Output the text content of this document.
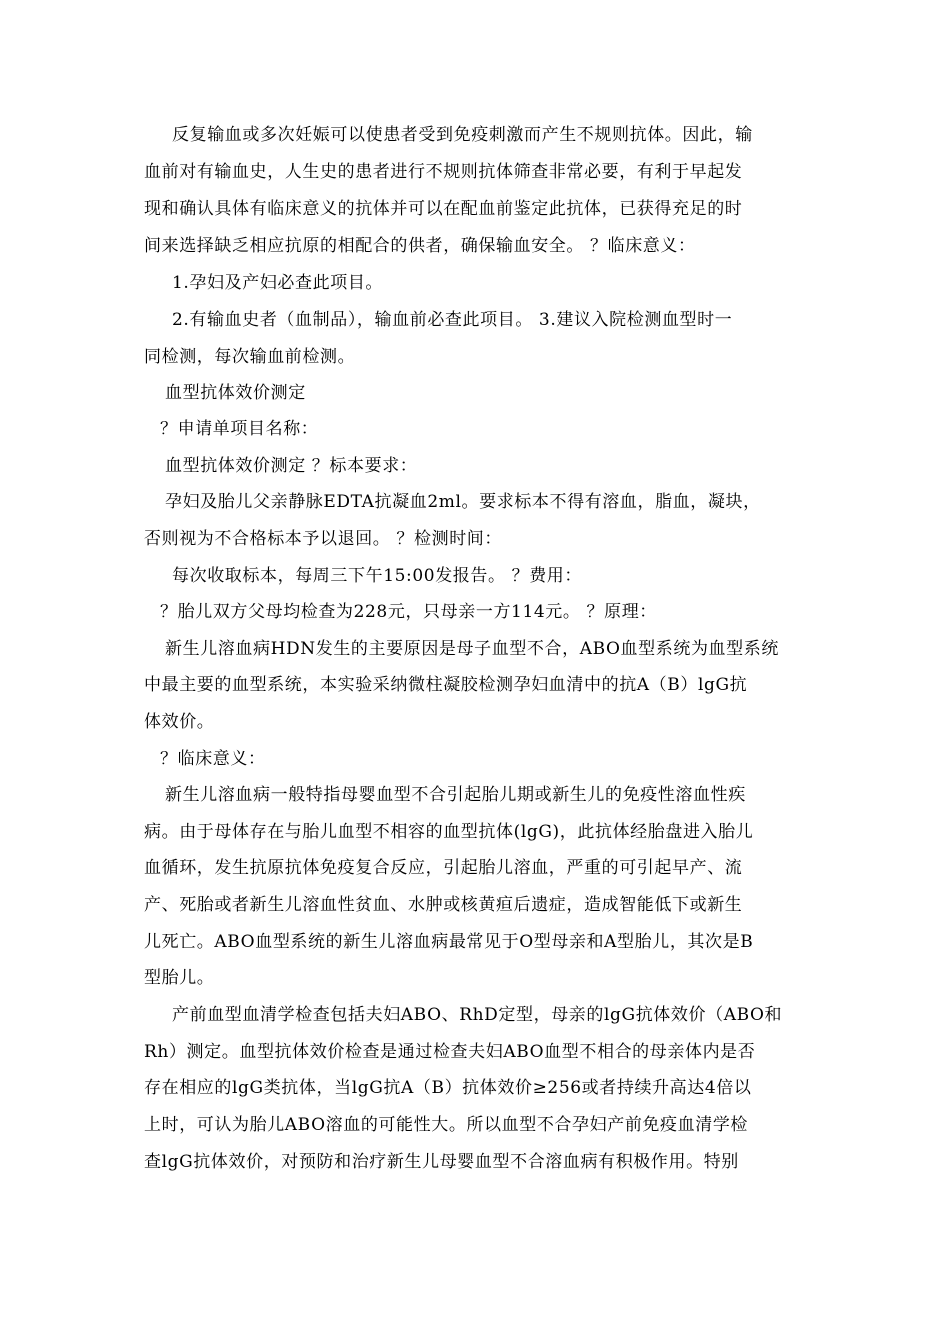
反复输血或多次妊娠可以使患者受到免疫刺激而产生不规则抗体。因此，输
血前对有输血史，人生史的患者进行不规则抗体筛查非常必要，有利于早起发
现和确认具体有临床意义的抗体并可以在配血前鉴定此抗体，已获得充足的时
间来选择缺乏相应抗原的相配合的供者，确保输血安全。 ？临床意义：
1.孕妇及产妇必查此项目。
2.有输血史者（血制品），输血前必查此项目。 3.建议入院检测血型时一
同检测，每次输血前检测。
血型抗体效价测定
？申请单项目名称：
血型抗体效价测定 ？标本要求：
孕妇及胎儿父亲静脉EDTA抗凝血2ml。要求标本不得有溶血，脂血，凝块，
否则视为不合格标本予以退回。 ？检测时间：
每次收取标本，每周三下午15:00发报告。 ？费用：
？胎儿双方父母均检查为228元，只母亲一方114元。 ？原理：
新生儿溶血病HDN发生的主要原因是母子血型不合，ABO血型系统为血型系统
中最主要的血型系统，本实验采纳微柱凝胶检测孕妇血清中的抗A（B）lgG抗
体效价。
？临床意义：
新生儿溶血病一般特指母婴血型不合引起胎儿期或新生儿的免疫性溶血性疾
病。由于母体存在与胎儿血型不相容的血型抗体(lgG)，此抗体经胎盘进入胎儿
血循环，发生抗原抗体免疫复合反应，引起胎儿溶血，严重的可引起早产、流
产、死胎或者新生儿溶血性贫血、水肿或核黄疸后遗症，造成智能低下或新生
儿死亡。ABO血型系统的新生儿溶血病最常见于O型母亲和A型胎儿，其次是B
型胎儿。
产前血型血清学检查包括夫妇ABO、RhD定型，母亲的lgG抗体效价（ABO和
Rh）测定。血型抗体效价检查是通过检查夫妇ABO血型不相合的母亲体内是否
存在相应的lgG类抗体，当lgG抗A（B）抗体效价≥256或者持续升高达4倍以
上时，可认为胎儿ABO溶血的可能性大。所以血型不合孕妇产前免疫血清学检
查lgG抗体效价，对预防和治疗新生儿母婴血型不合溶血病有积极作用。特别
